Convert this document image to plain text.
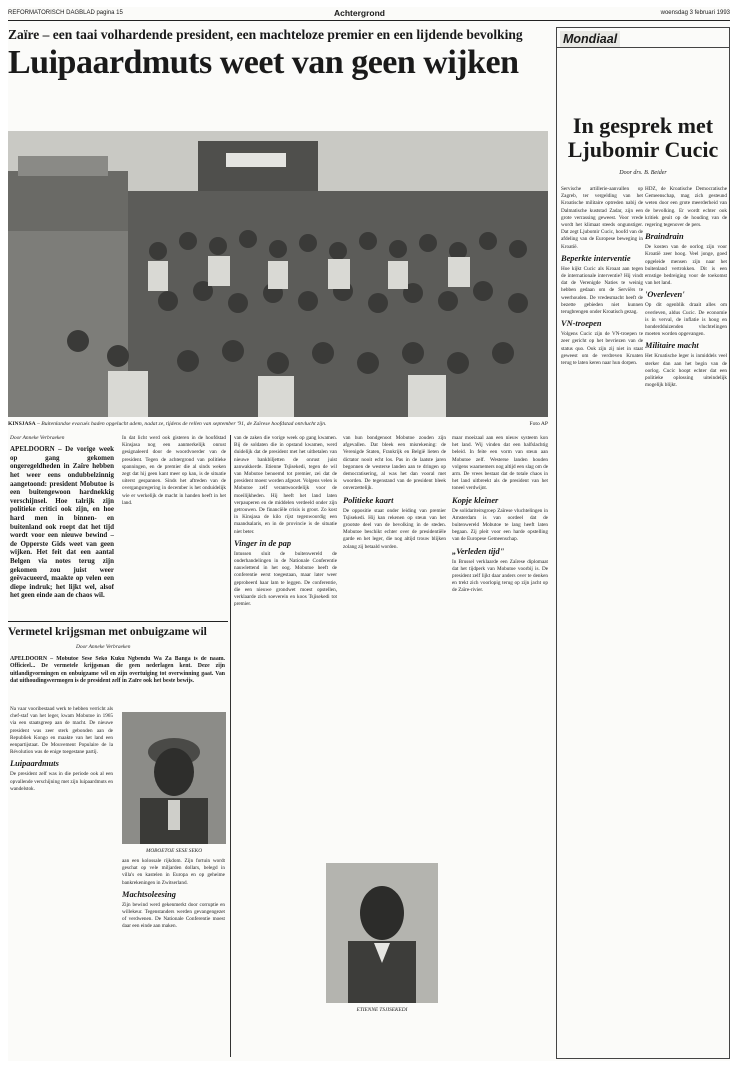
REFORMATORISCH DAGBLAD pagina 15	Achtergrond	woensdag 3 februari 1993
Zaïre – een taai volhardende president, een machteloze premier en een lijdende bevolking
Luipaardmuts weet van geen wijken
KINSJASA – Buitenlandse evacués haden opgelucht adem, nadat ze, tijdens de rellen van september '91, de Zaïrese hoofdstad ontvlucht zijn.	Foto AP
Door Anneke Verbraeken
APELDOORN – De vorige week op gang gekomen ongeregeldheden in Zaïre hebben het weer eens ondubbelzinnig aangetoond: president Mobutoe is een buitengewoon hardnekkig verschijnsel. Hoe talrijk zijn politieke critici ook zijn, en hoe hard men in binnen- en buitenland ook roept dat het tijd wordt voor een nieuwe bewind – de Opperste Gids weet van geen wijken. Het feit dat een aantal Belgen via notes terug zijn gekomen zou juist weer geëvacueerd, maakte op velen een diepe indruk; het lijkt wel, alsof het geen einde aan de chaos wil.

In dat licht werd ook gisteren in de hoofdstad Kinsjasa nog een aanmerkelijk onrust gesignaleerd door de woordvoerder van de president. Tegen de achtergrond van politieke spanningen, en de premier die al sinds weken zegt dat hij geen kant meer op kan, is de situatie uiterst gespannen. Sinds het aftreden van de overgangsregering in december is het onduidelijk wie er werkelijk de macht in handen heeft in het land.

van de zaken die vorige week op gang kwamen. Bij de soldaten die in opstand kwamen, werd duidelijk dat de president met het uitbetalen van nieuwe bankbiljetten de onrust juist aanwakkerde. Etienne Tsjisekedi, tegen de wil van Mobutoe benoemd tot premier, zei dat de president moest worden afgezet. Volgens velen is Mobutoe zelf verantwoordelijk voor de moeilijkheden. Hij heeft het land laten verpauperen en de middelen verdeeld onder zijn getrouwen. De financiële crisis is groot. Zo kost in Kinsjasa de kilo rijst tegenwoordig een maandsalaris, en in de provincie is de situatie niet beter.

Vinger in de pap

Intussen sluit de buitenwereld de onderhandelingen in de Nationale Conferentie nauwlettend in het oog. Mobutoe heeft de conferentie eerst toegestaan, maar later weer geprobeerd haar lam te leggen. De conferentie, die een nieuwe grondwet moest opstellen, verklaarde zich soeverein en koos Tsjisekedi tot premier.

van hun bondgenoot Mobutoe zouden zijn afgevallen. Dat bleek een misrekening: de Verenigde Staten, Frankrijk en België lieten de dictator nooit echt los. Pas in de laatste jaren begonnen de westerse landen aan te dringen op democratisering, al was het dan vooral met woorden. De tegenstand van de president bleek onverzettelijk.

Politieke kaart

De oppositie staat onder leiding van premier Tsjisekedi. Hij kan rekenen op steun van het grootste deel van de bevolking in de steden. Mobutoe beschikt echter over de presidentiële garde en het leger, die nog altijd trouw blijken zolang zij betaald worden.

maar moeizaal aan een nieuw systeem kon het land. Wij vinden dat een halfslachtig beleid. In feite een vorm van steun aan Mobutoe zelf. Westerse landen houden volgens waarnemers nog altijd een slag om de arm. De vrees bestaat dat de totale chaos in het land uitbreekt als de president van het toneel verdwijnt.

Kopje kleiner

De solidariteitsgroep Zaïrese vluchtelingen in Amsterdam is van oordeel dat de buitenwereld Mobutoe te lang heeft laten begaan. Zij pleit voor een harde opstelling van de Europese Gemeenschap.

„Verleden tijd"

In Brussel verklaarde een Zaïrese diplomaat dat het tijdperk van Mobutoe voorbij is. De president zelf lijkt daar anders over te denken en trekt zich voorlopig terug op zijn jacht op de Zaïre-rivier.

ETIENNE TSJISEKEDI
Vermetel krijgsman met onbuigzame wil
Door Anneke Verbraeken

APELDOORN – Mobutoe Sese Seko Kuku Ngbendu Wa Za Banga is de naam. Officieel... De vermetele krijgsman die geen nederlagen kent. Deze zijn uitlandigvormingen en onbuigzame wil en zijn overtuiging tot overwinning gaat. Van dat uithoudingsvermogen is de president zelf in Zaïre ook het beste bewijs.

Na vaar vooribestaad werk te hebben verricht als chef-staf van het leger, kwam Mobutoe in 1965 via een staatsgreep aan de macht. De nieuwe president was zeer sterk gebonden aan de Republiek Kongo en maakte van het land een eenpartijstaat. De Mouvement Populaire de la Révolution was de enige toegestane partij.

Luipaardmuts

De president zelf was in die periode ook al een opvallende verschijning met zijn luipaardmuts en wandelstok.

MOBOETOE SESE SEKO

aan een kolossale rijkdom. Zijn fortuin wordt geschat op vele miljarden dollars, belegd in villa's en kastelen in Europa en op geheime bankrekeningen in Zwitserland.

Machtsoleesing

Zijn bewind werd gekenmerkt door corruptie en willekeur. Tegenstanders werden gevangengezet of verdwenen. De Nationale Conferentie moest daar een einde aan maken.

Mondiaal
In gesprek met Ljubomir Cucic
Door drs. B. Beider

Servische artillerie-aanvallen op Zagreb, ter vergelding van het Kroatische militaire optreden nabij de Dalmatische kuststad Zadar, zijn een grote verrassing geweest. Voor vrede wordt het klimaat steeds ongunstiger. Dat zegt Ljubomir Cucic, hoofd van de afdeling van de Europese beweging in Kroatië.

Beperkte interventie

Hoe kijkt Cucic als Kroaat aan tegen de internationale interventie? Hij vindt dat de Verenigde Naties te weinig hebben gedaan om de Serviërs te weerhouden. De vredesmacht heeft de bezette gebieden niet kunnen terugbrengen onder Kroatisch gezag.

VN-troepen

Volgens Cucic zijn de VN-troepen te zeer gericht op het bevriezen van de status quo. Ook zijn zij niet in staat geweest om de verdreven Kroaten terug te laten keren naar hun dorpen.

HDZ, de Kroatische Democratische Gemeenschap, mag zich gesteund weten door een grote meerderheid van de bevolking. Er wordt echter ook kritiek geuit op de houding van de regering tegenover de pers.

Braindrain

De kosten van de oorlog zijn voor Kroatië zeer hoog. Veel jonge, goed opgeleide mensen zijn naar het buitenland vertrokken. Dit is een ernstige bedreiging voor de toekomst van het land.

'Overleven'

Op dit ogenblik draait alles om overleven, aldus Cucic. De economie is in verval, de inflatie is hoog en honderdduizenden vluchtelingen moeten worden opgevangen.

Militaire macht

Het Kroatische leger is inmiddels veel sterker dan aan het begin van de oorlog. Cucic hoopt echter dat een politieke oplossing uiteindelijk mogelijk blijkt.
